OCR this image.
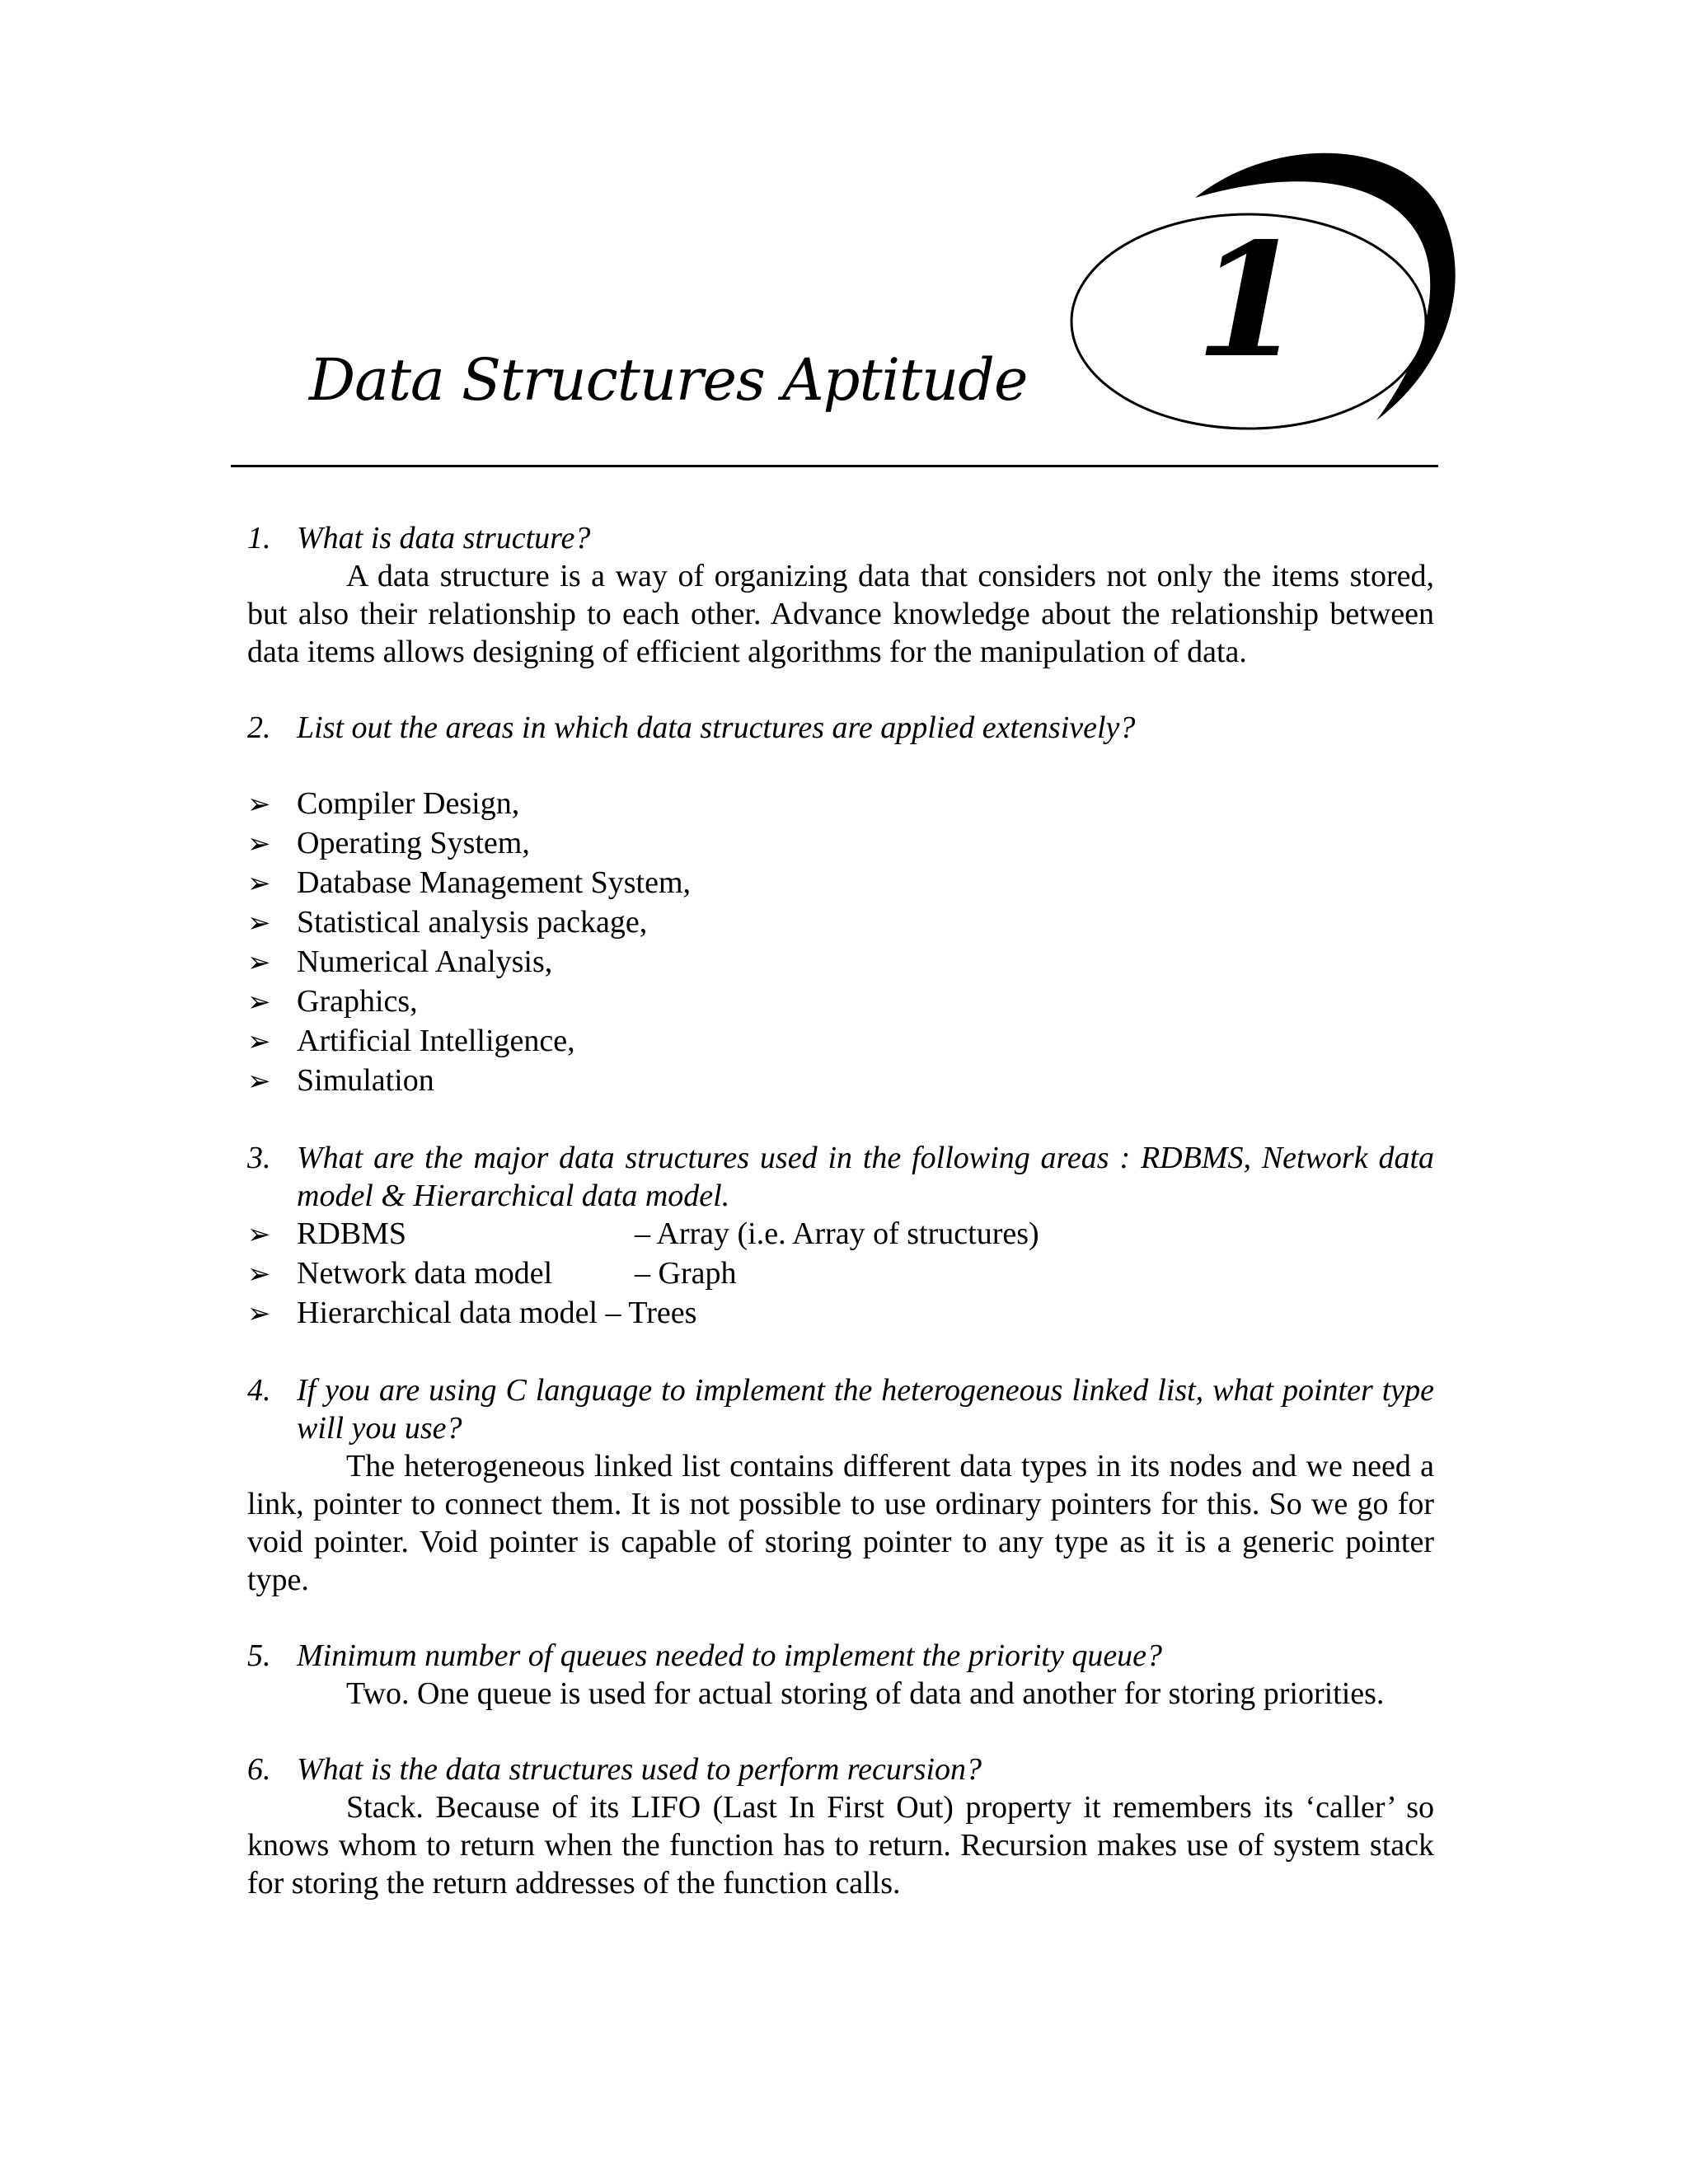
Data Structures Aptitude 1
1. What is data structure?
A data structure is a way of organizing data that considers not only the items stored, but also their relationship to each other. Advance knowledge about the relationship between data items allows designing of efficient algorithms for the manipulation of data.
2. List out the areas in which data structures are applied extensively?
➢ Compiler Design,
➢ Operating System,
➢ Database Management System,
➢ Statistical analysis package,
➢ Numerical Analysis,
➢ Graphics,
➢ Artificial Intelligence,
➢ Simulation
3. What are the major data structures used in the following areas : RDBMS, Network data model & Hierarchical data model.
➢ RDBMS	– Array (i.e. Array of structures)
➢ Network data model	– Graph
➢ Hierarchical data model – Trees
4. If you are using C language to implement the heterogeneous linked list, what pointer type will you use?
The heterogeneous linked list contains different data types in its nodes and we need a link, pointer to connect them. It is not possible to use ordinary pointers for this. So we go for void pointer. Void pointer is capable of storing pointer to any type as it is a generic pointer type.
5. Minimum number of queues needed to implement the priority queue?
Two. One queue is used for actual storing of data and another for storing priorities.
6. What is the data structures used to perform recursion?
Stack. Because of its LIFO (Last In First Out) property it remembers its ‘caller’ so knows whom to return when the function has to return. Recursion makes use of system stack for storing the return addresses of the function calls.
